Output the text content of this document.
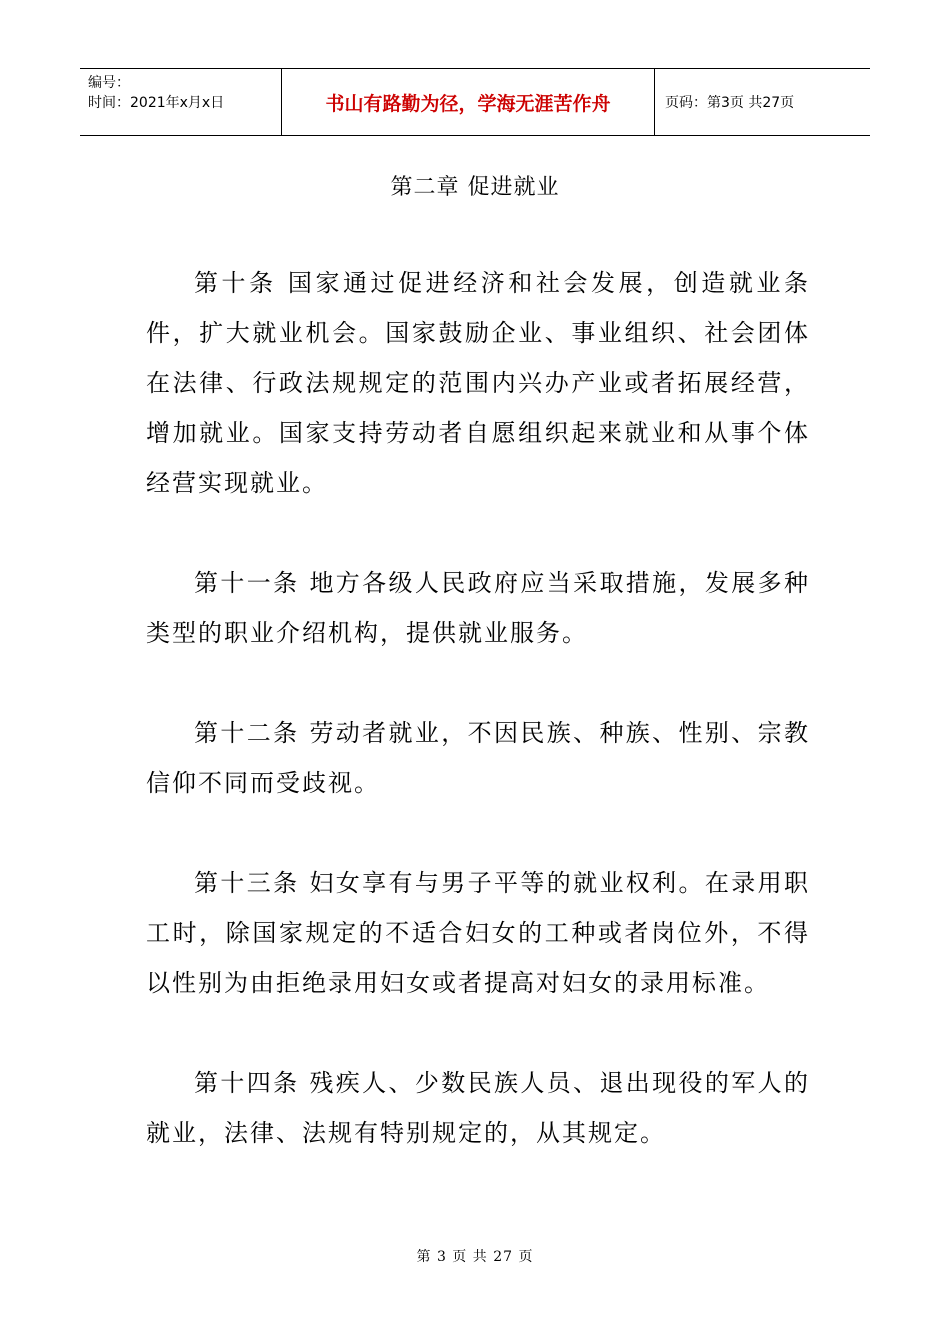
编号：
时间：2021年x月x日	书山有路勤为径，学海无涯苦作舟	页码：第3页 共27页
第二章 促进就业

第十条 国家通过促进经济和社会发展，创造就业条件，扩大就业机会。国家鼓励企业、事业组织、社会团体在法律、行政法规规定的范围内兴办产业或者拓展经营，增加就业。国家支持劳动者自愿组织起来就业和从事个体经营实现就业。

第十一条 地方各级人民政府应当采取措施，发展多种类型的职业介绍机构，提供就业服务。

第十二条 劳动者就业，不因民族、种族、性别、宗教信仰不同而受歧视。

第十三条 妇女享有与男子平等的就业权利。在录用职工时，除国家规定的不适合妇女的工种或者岗位外，不得以性别为由拒绝录用妇女或者提高对妇女的录用标准。

第十四条 残疾人、少数民族人员、退出现役的军人的就业，法律、法规有特别规定的，从其规定。

第 3 页 共 27 页
